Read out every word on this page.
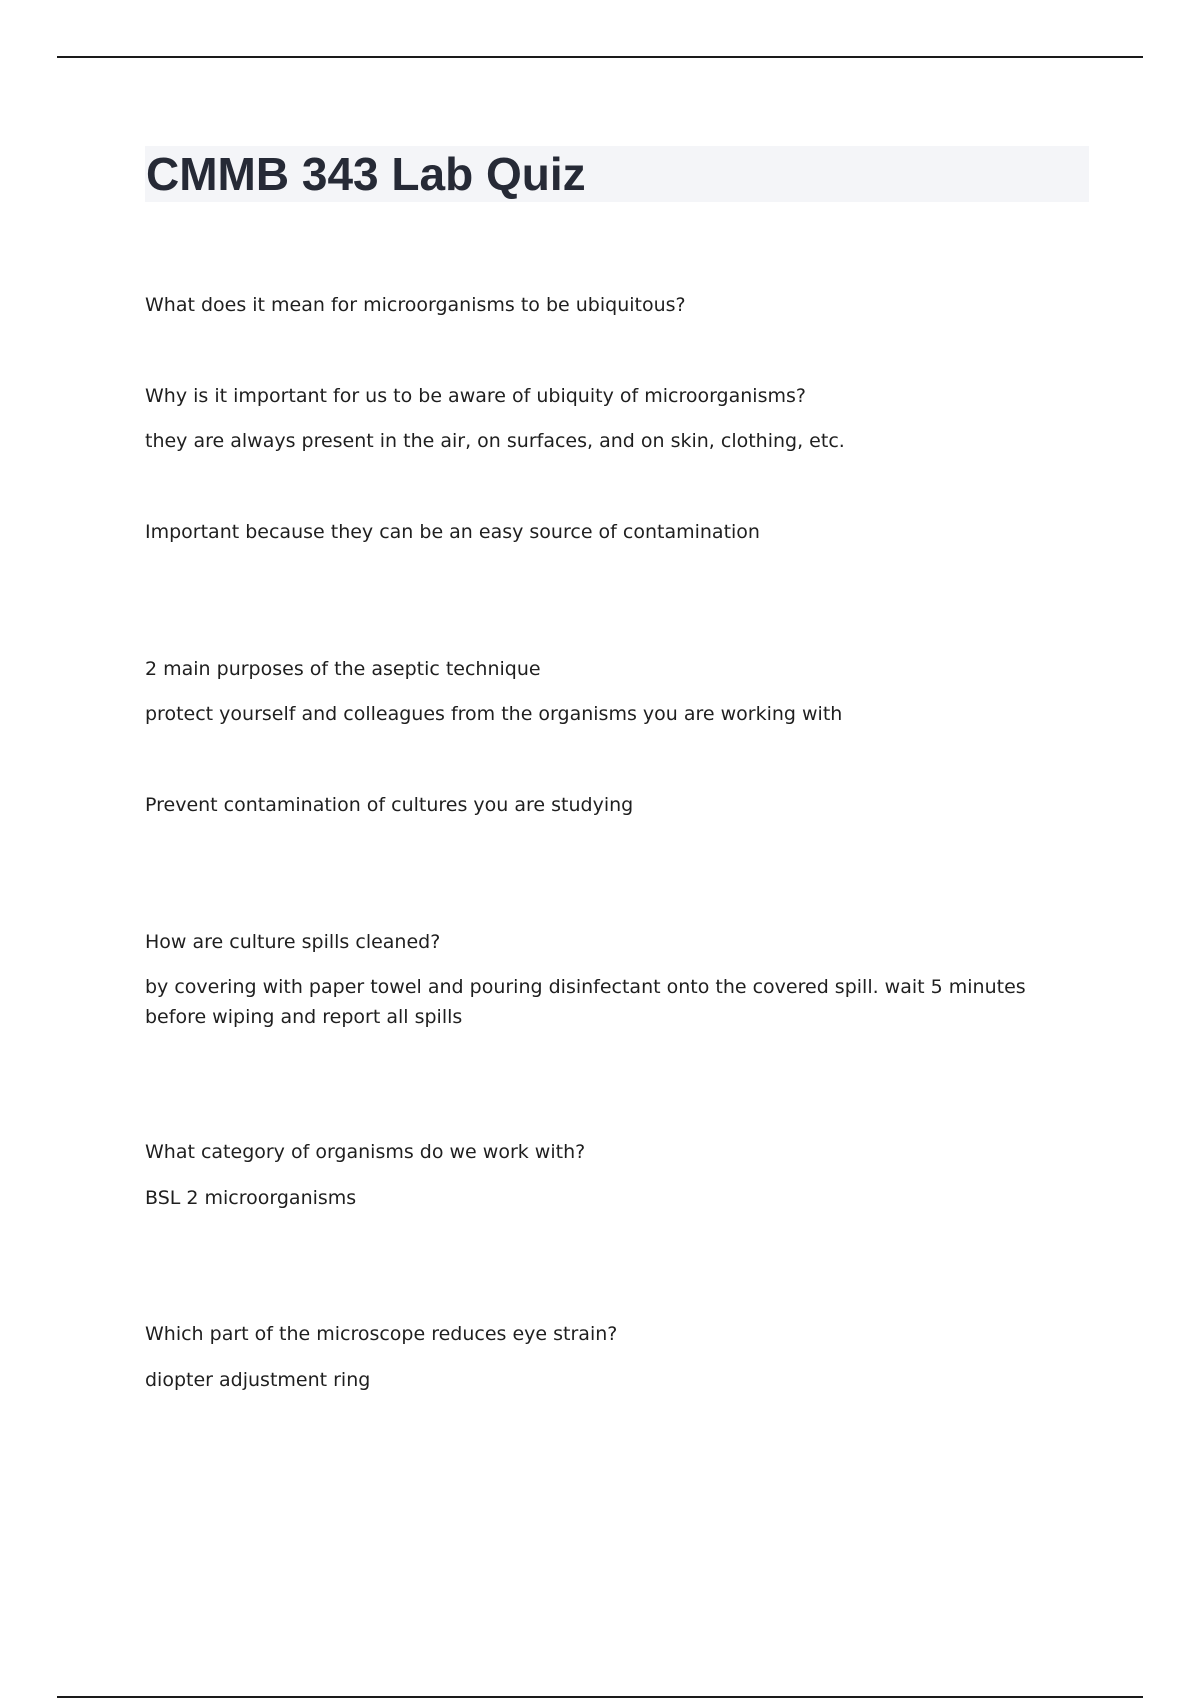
CMMB 343 Lab Quiz

What does it mean for microorganisms to be ubiquitous?

Why is it important for us to be aware of ubiquity of microorganisms?

they are always present in the air, on surfaces, and on skin, clothing, etc.

Important because they can be an easy source of contamination

2 main purposes of the aseptic technique

protect yourself and colleagues from the organisms you are working with

Prevent contamination of cultures you are studying

How are culture spills cleaned?

by covering with paper towel and pouring disinfectant onto the covered spill. wait 5 minutes before wiping and report all spills

What category of organisms do we work with?

BSL 2 microorganisms

Which part of the microscope reduces eye strain?

diopter adjustment ring
